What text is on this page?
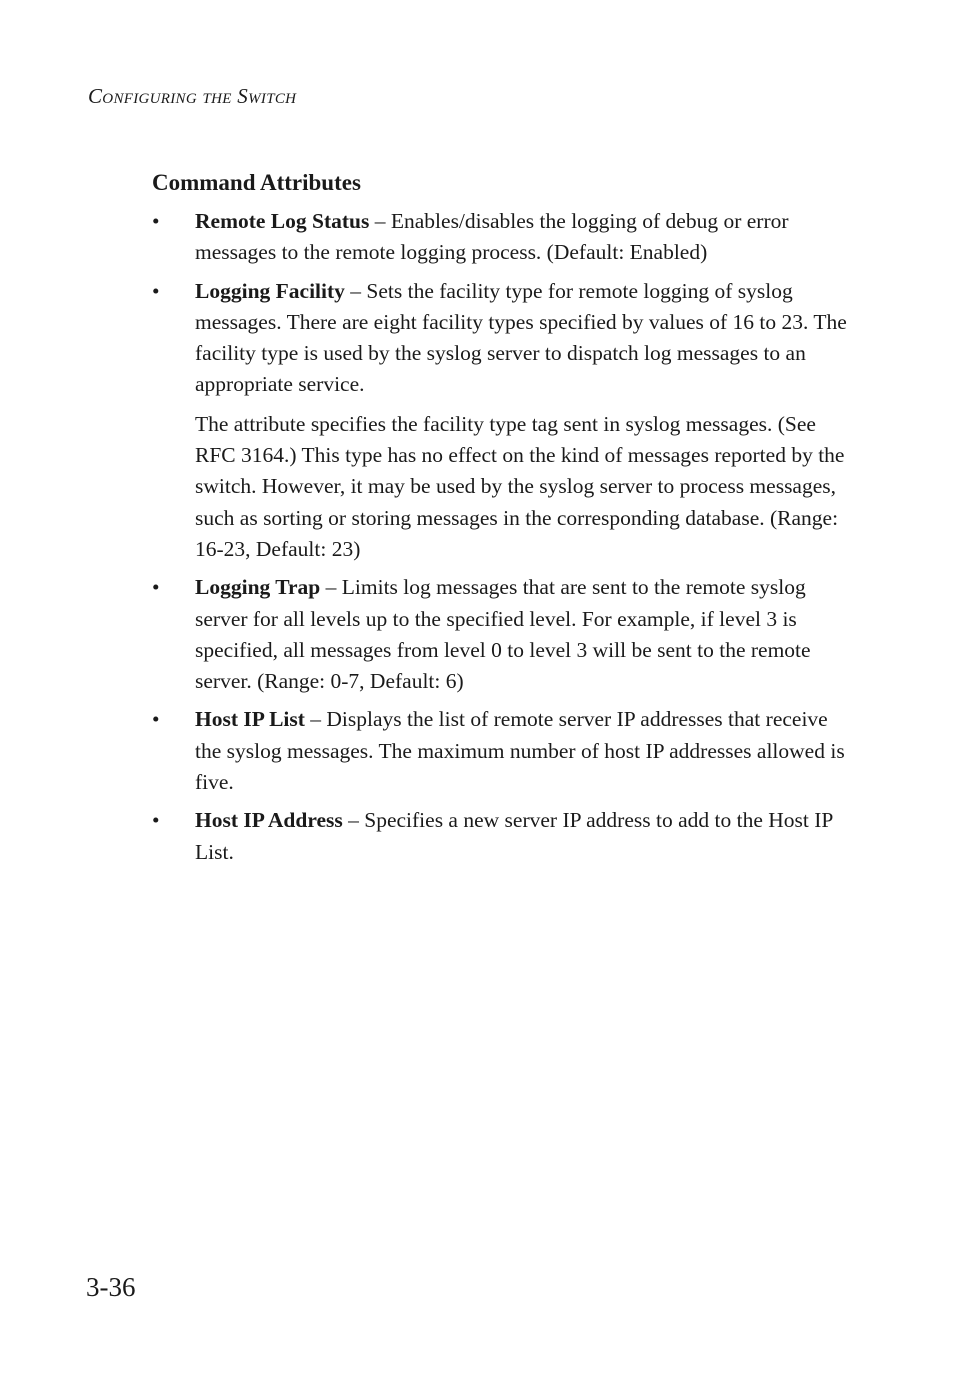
Configuring the Switch
Command Attributes
• Remote Log Status – Enables/disables the logging of debug or error messages to the remote logging process. (Default: Enabled)
• Logging Facility – Sets the facility type for remote logging of syslog messages. There are eight facility types specified by values of 16 to 23. The facility type is used by the syslog server to dispatch log messages to an appropriate service.

The attribute specifies the facility type tag sent in syslog messages. (See RFC 3164.) This type has no effect on the kind of messages reported by the switch. However, it may be used by the syslog server to process messages, such as sorting or storing messages in the corresponding database. (Range: 16-23, Default: 23)

• Logging Trap – Limits log messages that are sent to the remote syslog server for all levels up to the specified level. For example, if level 3 is specified, all messages from level 0 to level 3 will be sent to the remote server. (Range: 0-7, Default: 6)
• Host IP List – Displays the list of remote server IP addresses that receive the syslog messages. The maximum number of host IP addresses allowed is five.
• Host IP Address – Specifies a new server IP address to add to the Host IP List.
3-36
